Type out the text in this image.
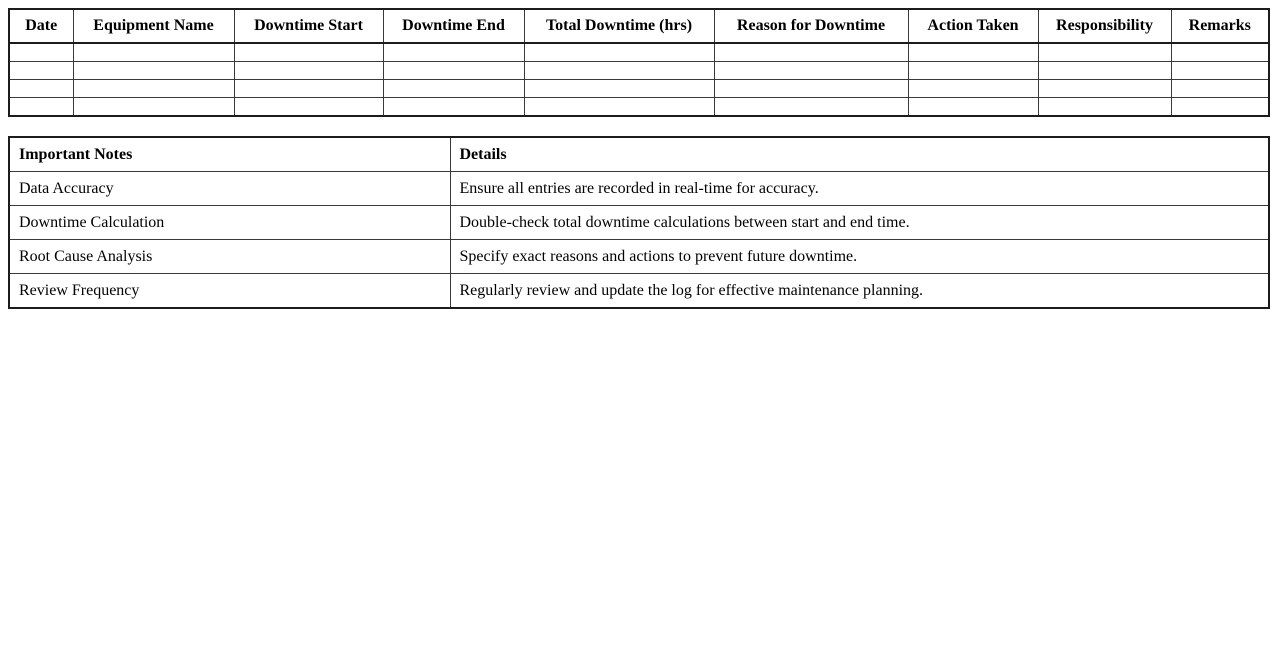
Date	Equipment Name	Downtime Start	Downtime End	Total Downtime (hrs)	Reason for Downtime	Action Taken	Responsibility	Remarks

Important Notes	Details
Data Accuracy	Ensure all entries are recorded in real-time for accuracy.
Downtime Calculation	Double-check total downtime calculations between start and end time.
Root Cause Analysis	Specify exact reasons and actions to prevent future downtime.
Review Frequency	Regularly review and update the log for effective maintenance planning.
